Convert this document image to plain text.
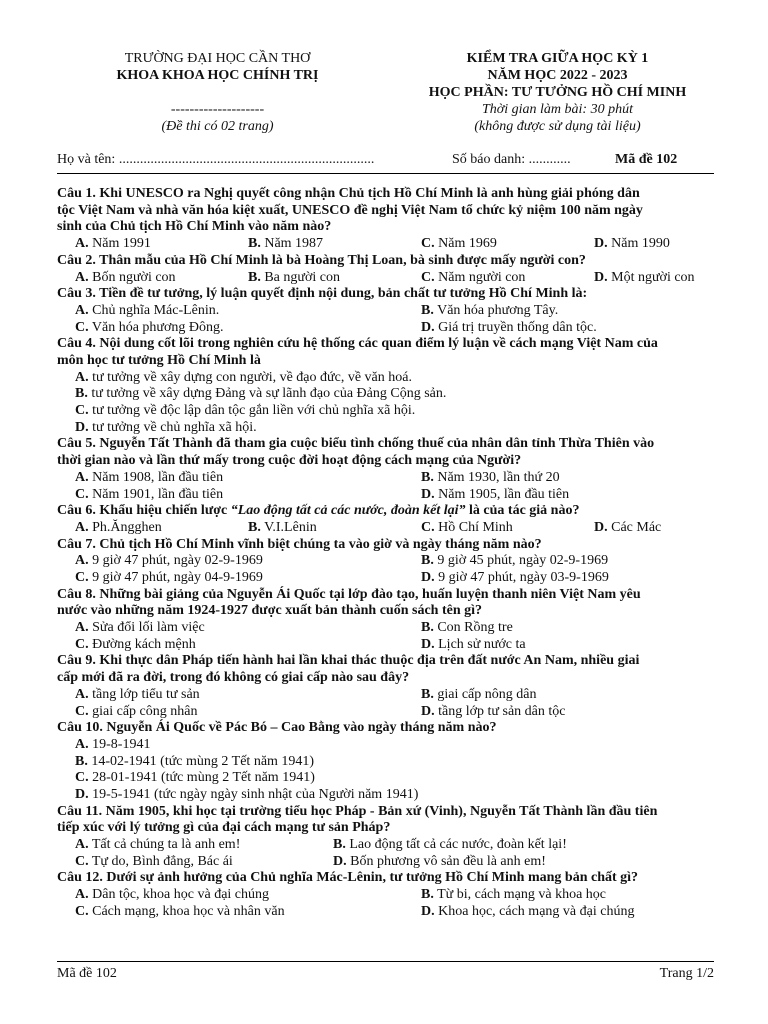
TRƯỜNG ĐẠI HỌC CẦN THƠ
KHOA KHOA HỌC CHÍNH TRỊ
--------------------
(Đề thi có 02 trang)
KIỂM TRA GIỮA HỌC KỲ 1
NĂM HỌC 2022 - 2023
HỌC PHẦN: TƯ TƯỞNG HỒ CHÍ MINH
Thời gian làm bài: 30 phút
(không được sử dụng tài liệu)
Họ và tên: .........................................................................	Số báo danh: ............	Mã đề 102
Câu 1. Khi UNESCO ra Nghị quyết công nhận Chủ tịch Hồ Chí Minh là anh hùng giải phóng dân
tộc Việt Nam và nhà văn hóa kiệt xuất, UNESCO đề nghị Việt Nam tổ chức kỷ niệm 100 năm ngày
sinh của Chủ tịch Hồ Chí Minh vào năm nào?
A. Năm 1991	B. Năm 1987	C. Năm 1969	D. Năm 1990
Câu 2. Thân mẫu của Hồ Chí Minh là bà Hoàng Thị Loan, bà sinh được mấy người con?
A. Bốn người con	B. Ba người con	C. Năm người con	D. Một người con
Câu 3. Tiền đề tư tưởng, lý luận quyết định nội dung, bản chất tư tưởng Hồ Chí Minh là:
A. Chủ nghĩa Mác-Lênin.	B. Văn hóa phương Tây.
C. Văn hóa phương Đông.	D. Giá trị truyền thống dân tộc.
Câu 4. Nội dung cốt lõi trong nghiên cứu hệ thống các quan điểm lý luận về cách mạng Việt Nam của
môn học tư tưởng Hồ Chí Minh là
A. tư tưởng về xây dựng con người, về đạo đức, về văn hoá.
B. tư tưởng về xây dựng Đảng và sự lãnh đạo của Đảng Cộng sản.
C. tư tưởng về độc lập dân tộc gắn liền với chủ nghĩa xã hội.
D. tư tưởng về chủ nghĩa xã hội.
Câu 5. Nguyễn Tất Thành đã tham gia cuộc biểu tình chống thuế của nhân dân tỉnh Thừa Thiên vào
thời gian nào và lần thứ mấy trong cuộc đời hoạt động cách mạng của Người?
A. Năm 1908, lần đầu tiên	B. Năm 1930, lần thứ 20
C. Năm 1901, lần đầu tiên	D. Năm 1905, lần đầu tiên
Câu 6. Khẩu hiệu chiến lược “Lao động tất cả các nước, đoàn kết lại” là của tác giả nào?
A. Ph.Ăngghen	B. V.I.Lênin	C. Hồ Chí Minh	D. Các Mác
Câu 7. Chủ tịch Hồ Chí Minh vĩnh biệt chúng ta vào giờ và ngày tháng năm nào?
A. 9 giờ 47 phút, ngày 02-9-1969	B. 9 giờ 45 phút, ngày 02-9-1969
C. 9 giờ 47 phút, ngày 04-9-1969	D. 9 giờ 47 phút, ngày 03-9-1969
Câu 8. Những bài giảng của Nguyễn Ái Quốc tại lớp đào tạo, huấn luyện thanh niên Việt Nam yêu
nước vào những năm 1924-1927 được xuất bản thành cuốn sách tên gì?
A. Sửa đổi lối làm việc	B. Con Rồng tre
C. Đường kách mệnh	D. Lịch sử nước ta
Câu 9. Khi thực dân Pháp tiến hành hai lần khai thác thuộc địa trên đất nước An Nam, nhiều giai
cấp mới đã ra đời, trong đó không có giai cấp nào sau đây?
A. tầng lớp tiểu tư sản	B. giai cấp nông dân
C. giai cấp công nhân	D. tầng lớp tư sản dân tộc
Câu 10. Nguyễn Ái Quốc về Pác Bó – Cao Bằng vào ngày tháng năm nào?
A. 19-8-1941
B. 14-02-1941 (tức mùng 2 Tết năm 1941)
C. 28-01-1941 (tức mùng 2 Tết năm 1941)
D. 19-5-1941 (tức ngày ngày sinh nhật của Người năm 1941)
Câu 11. Năm 1905, khi học tại trường tiểu học Pháp - Bản xứ (Vinh), Nguyễn Tất Thành lần đầu tiên
tiếp xúc với lý tưởng gì của đại cách mạng tư sản Pháp?
A. Tất cả chúng ta là anh em!	B. Lao động tất cả các nước, đoàn kết lại!
C. Tự do, Bình đẳng, Bác ái	D. Bốn phương vô sản đều là anh em!
Câu 12. Dưới sự ảnh hưởng của Chủ nghĩa Mác-Lênin, tư tưởng Hồ Chí Minh mang bản chất gì?
A. Dân tộc, khoa học và đại chúng	B. Từ bi, cách mạng và khoa học
C. Cách mạng, khoa học và nhân văn	D. Khoa học, cách mạng và đại chúng
Mã đề 102	Trang 1/2
